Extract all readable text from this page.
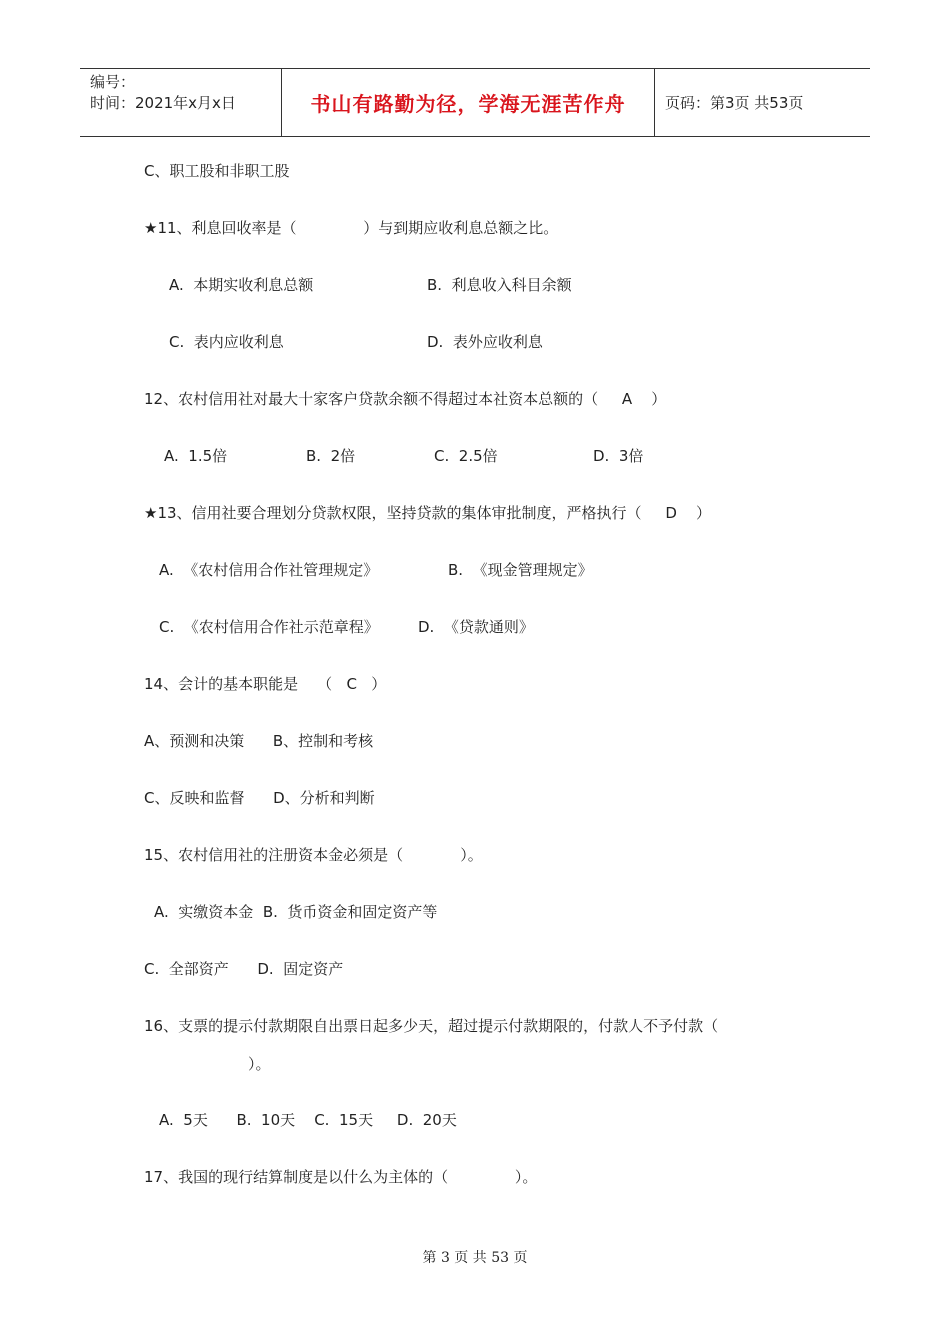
编号：
时间：2021年x月x日	书山有路勤为径，学海无涯苦作舟	页码：第3页 共53页
C、职工股和非职工股
★11、利息回收率是（              ）与到期应收利息总额之比。
A.  本期实收利息总额	B.  利息收入科目余额
C.  表内应收利息	D.  表外应收利息
12、农村信用社对最大十家客户贷款余额不得超过本社资本总额的（     A    ）
A.  1.5倍	B.  2倍	C.  2.5倍	D.  3倍
★13、信用社要合理划分贷款权限，坚持贷款的集体审批制度，严格执行（     D    ）
A.  《农村信用合作社管理规定》	B.  《现金管理规定》
C.  《农村信用合作社示范章程》	D.  《贷款通则》
14、会计的基本职能是    （   C   ）
A、预测和决策      B、控制和考核
C、反映和监督      D、分析和判断
15、农村信用社的注册资本金必须是（            ）。
A.  实缴资本金  B.  货币资金和固定资产等
C.  全部资产      D.  固定资产
16、支票的提示付款期限自出票日起多少天，超过提示付款期限的，付款人不予付款（
）。
A.  5天      B.  10天    C.  15天     D.  20天
17、我国的现行结算制度是以什么为主体的（              ）。
第 3 页 共 53 页
